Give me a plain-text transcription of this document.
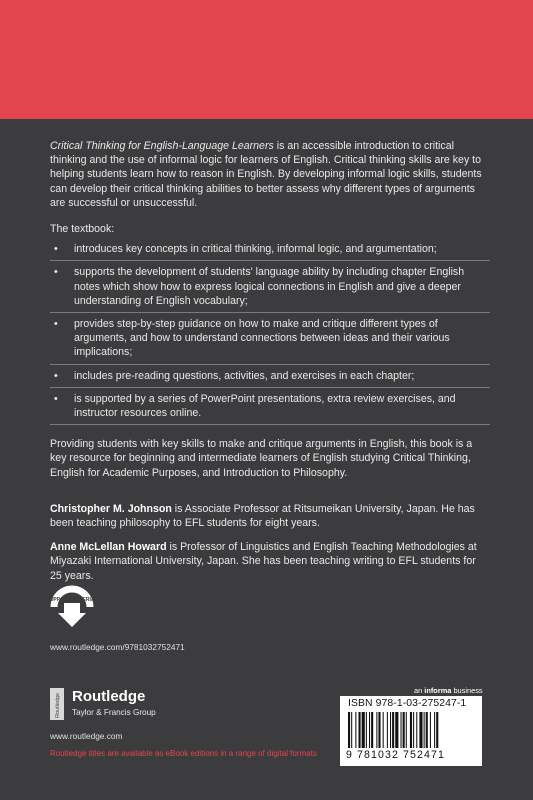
Critical Thinking for English-Language Learners is an accessible introduction to critical thinking and the use of informal logic for learners of English. Critical thinking skills are key to helping students learn how to reason in English. By developing informal logic skills, students can develop their critical thinking abilities to better assess why different types of arguments are successful or unsuccessful.

The textbook:

• introduces key concepts in critical thinking, informal logic, and argumentation;
• supports the development of students' language ability by including chapter English notes which show how to express logical connections in English and give a deeper understanding of English vocabulary;
• provides step-by-step guidance on how to make and critique different types of arguments, and how to understand connections between ideas and their various implications;
• includes pre-reading questions, activities, and exercises in each chapter;
• is supported by a series of PowerPoint presentations, extra review exercises, and instructor resources online.

Providing students with key skills to make and critique arguments in English, this book is a key resource for beginning and intermediate learners of English studying Critical Thinking, English for Academic Purposes, and Introduction to Philosophy.

Christopher M. Johnson is Associate Professor at Ritsumeikan University, Japan. He has been teaching philosophy to EFL students for eight years.

Anne McLellan Howard is Professor of Linguistics and English Teaching Methodologies at Miyazaki International University, Japan. She has been teaching writing to EFL students for 25 years.

SUPPORT MATERIAL
www.routledge.com/9781032752471
Routledge Routledge
Taylor & Francis Group
www.routledge.com
Routledge titles are available as eBook editions in a range of digital formats
an informa business
ISBN 978-1-03-275247-1
9 781032 752471
